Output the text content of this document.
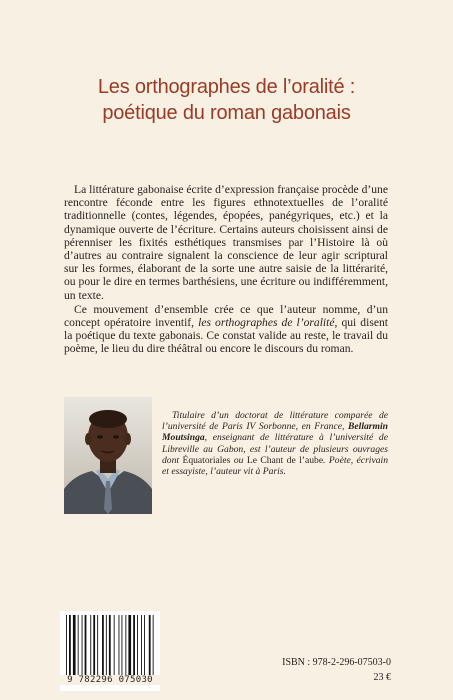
Les orthographes de l’oralité :
poétique du roman gabonais

La littérature gabonaise écrite d’expression française procède d’une rencontre féconde entre les figures ethnotextuelles de l’oralité traditionnelle (contes, légendes, épopées, panégyriques, etc.) et la dynamique ouverte de l’écriture. Certains auteurs choisissent ainsi de pérenniser les fixités esthétiques transmises par l’Histoire là où d’autres au contraire signalent la conscience de leur agir scriptural sur les formes, élaborant de la sorte une autre saisie de la littérarité, ou pour le dire en termes barthésiens, une écriture ou indifféremment, un texte.

Ce mouvement d’ensemble crée ce que l’auteur nomme, d’un concept opératoire inventif, les orthographes de l’oralité, qui disent la poétique du texte gabonais. Ce constat valide au reste, le travail du poème, le lieu du dire théâtral ou encore le discours du roman.

Titulaire d’un doctorat de littérature comparée de l’université de Paris IV Sorbonne, en France, Bellarmin Moutsinga, enseignant de littérature à l’université de Libreville au Gabon, est l’auteur de plusieurs ouvrages dont Équatoriales ou Le Chant de l’aube. Poète, écrivain et essayiste, l’auteur vit à Paris.
9 782296 075030
ISBN : 978-2-296-07503-0
23 €
